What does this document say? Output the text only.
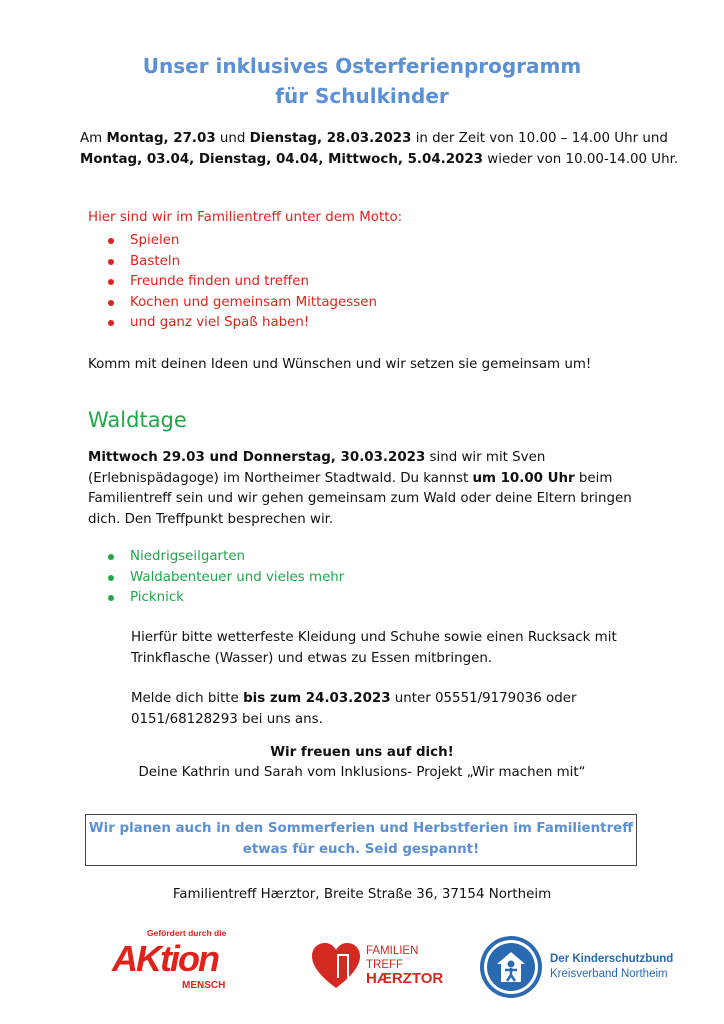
Unser inklusives Osterferienprogramm
für Schulkinder
Am Montag, 27.03 und Dienstag, 28.03.2023 in der Zeit von 10.00 – 14.00 Uhr und Montag, 03.04, Dienstag, 04.04, Mittwoch, 5.04.2023 wieder von 10.00-14.00 Uhr.
Hier sind wir im Familientreff unter dem Motto:
Spielen
Basteln
Freunde finden und treffen
Kochen und gemeinsam Mittagessen
und ganz viel Spaß haben!
Komm mit deinen Ideen und Wünschen und wir setzen sie gemeinsam um!
Waldtage
Mittwoch 29.03 und Donnerstag, 30.03.2023 sind wir mit Sven (Erlebnispädagoge) im Northeimer Stadtwald. Du kannst um 10.00 Uhr beim Familientreff sein und wir gehen gemeinsam zum Wald oder deine Eltern bringen dich. Den Treffpunkt besprechen wir.
Niedrigseilgarten
Waldabenteuer und vieles mehr
Picknick
Hierfür bitte wetterfeste Kleidung und Schuhe sowie einen Rucksack mit Trinkflasche (Wasser) und etwas zu Essen mitbringen.
Melde dich bitte bis zum 24.03.2023 unter 05551/9179036 oder 0151/68128293 bei uns ans.
Wir freuen uns auf dich!
Deine Kathrin und Sarah vom Inklusions- Projekt „Wir machen mit“
Wir planen auch in den Sommerferien und Herbstferien im Familientreff etwas für euch. Seid gespannt!
Familientreff Hærztor, Breite Straße 36, 37154 Northeim
Gefördert durch die
AKtion
MENSCH
FAMILIEN
TREFF
HÆRZTOR
Der Kinderschutzbund
Kreisverband Northeim
